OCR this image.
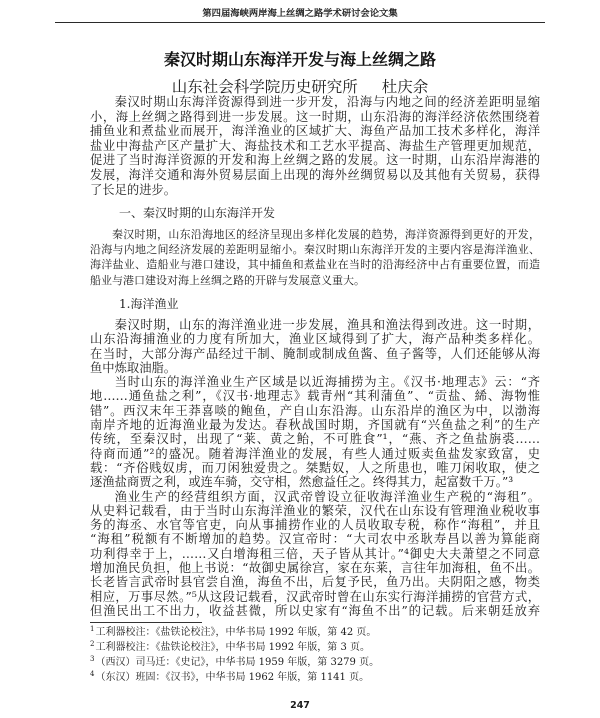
第四届海峡两岸海上丝绸之路学术研讨会论文集
秦汉时期山东海洋开发与海上丝绸之路
山东社会科学院历史研究所 杜庆余
秦汉时期山东海洋资源得到进一步开发，沿海与内地之间的经济差距明显缩
小，海上丝绸之路得到进一步发展。这一时期，山东沿海的海洋经济依然围绕着
捕鱼业和煮盐业而展开，海洋渔业的区域扩大、海鱼产品加工技术多样化，海洋
盐业中海盐产区产量扩大、海盐技术和工艺水平提高、海盐生产管理更加规范，
促进了当时海洋资源的开发和海上丝绸之路的发展。这一时期，山东沿岸海港的
发展，海洋交通和海外贸易层面上出现的海外丝绸贸易以及其他有关贸易，获得
了长足的进步。
一、秦汉时期的山东海洋开发
秦汉时期，山东沿海地区的经济呈现出多样化发展的趋势，海洋资源得到更好的开发，
沿海与内地之间经济发展的差距明显缩小。秦汉时期山东海洋开发的主要内容是海洋渔业、
海洋盐业、造船业与港口建设，其中捕鱼和煮盐业在当时的沿海经济中占有重要位置，而造
船业与港口建设对海上丝绸之路的开辟与发展意义重大。
1.海洋渔业
秦汉时期，山东的海洋渔业进一步发展，渔具和渔法得到改进。这一时期，
山东沿海捕渔业的力度有所加大，渔业区域得到了扩大，海产品种类多样化。
在当时，大部分海产品经过干制、腌制或制成鱼酱、鱼子酱等，人们还能够从海
鱼中炼取油脂。
当时山东的海洋渔业生产区域是以近海捕捞为主。《汉书·地理志》云：“齐
地……通鱼盐之利”，《汉书·地理志》载青州“其利蒲鱼”、“贡盐、絺、海物惟
错”。西汉末年王莽喜啖的鲍鱼，产自山东沿海。山东沿岸的渔区为中，以渤海
南岸齐地的近海渔业最为发达。春秋战国时期，齐国就有“兴鱼盐之利”的生产
传统，至秦汉时，出现了“莱、黄之鲐，不可胜食”¹，“燕、齐之鱼盐旃裘……
待商而通”²的盛况。随着海洋渔业的发展，有些人通过贩卖鱼盐发家致富，史
载：“齐俗贱奴虏，而刀闲独爱贵之。桀黠奴，人之所患也，唯刀闲收取，使之
逐渔盐商贾之利，或连车骑，交守相，然愈益任之。终得其力，起富数千万。”³
渔业生产的经营组织方面，汉武帝曾设立征收海洋渔业生产税的“海租”。
从史料记载看，由于当时山东海洋渔业的繁荣，汉代在山东设有管理渔业税收事
务的海丞、水官等官吏，向从事捕捞作业的人员收取专税，称作“海租”，并且
“海租”税额有不断增加的趋势。汉宣帝时：“大司农中丞耿寿昌以善为算能商
功利得幸于上，……又白增海租三倍，天子皆从其计。”⁴御史大夫萧望之不同意
增加渔民负担，他上书说：“故御史属徐宫，家在东莱，言往年加海租，鱼不出。
长老皆言武帝时县官尝自渔，海鱼不出，后复予民，鱼乃出。夫阴阳之感，物类
相应，万事尽然。”⁵从这段记载看，汉武帝时曾在山东实行海洋捕捞的官营方式，
但渔民出工不出力，收益甚微，所以史家有“海鱼不出”的记载。后来朝廷放弃
$^1$工利器校注：《盐铁论校注》，中华书局 1992 年版，第 42 页。
$^2$工利器校注：《盐铁论校注》，中华书局 1992 年版，第 3 页。
$^3$（西汉）司马迁：《史记》，中华书局 1959 年版，第 3279 页。
$^4$（东汉）班固：《汉书》，中华书局 1962 年版，第 1141 页。
247
